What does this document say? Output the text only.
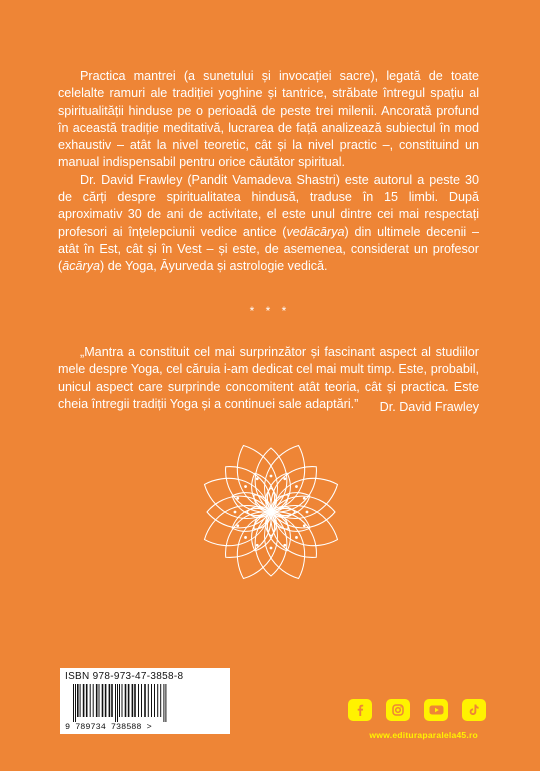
Practica mantrei (a sunetului și invocației sacre), legată de toate celelalte ramuri ale tradiției yoghine și tantrice, străbate întregul spațiu al spiritualității hinduse pe o perioadă de peste trei milenii. Ancorată profund în această tradiție meditativă, lucrarea de față analizează subiectul în mod exhaustiv – atât la nivel teoretic, cât și la nivel practic –, constituind un manual indispensabil pentru orice căutător spiritual.

Dr. David Frawley (Pandit Vamadeva Shastri) este autorul a peste 30 de cărți despre spiritualitatea hindusă, traduse în 15 limbi. După aproximativ 30 de ani de activitate, el este unul dintre cei mai respectați profesori ai înțelepciunii vedice antice (vedācārya) din ultimele decenii – atât în Est, cât și în Vest – și este, de asemenea, considerat un profesor (ācārya) de Yoga, Āyurveda și astrologie vedică.

* * *

„Mantra a constituit cel mai surprinzător și fascinant aspect al studiilor mele despre Yoga, cel căruia i-am dedicat cel mai mult timp. Este, probabil, unicul aspect care surprinde concomitent atât teoria, cât și practica. Este cheia întregii tradiții Yoga și a continuei sale adaptări.”	Dr. David Frawley
ISBN 978-973-47-3858-8
9 789734 738588 >
www.edituraparalela45.ro
